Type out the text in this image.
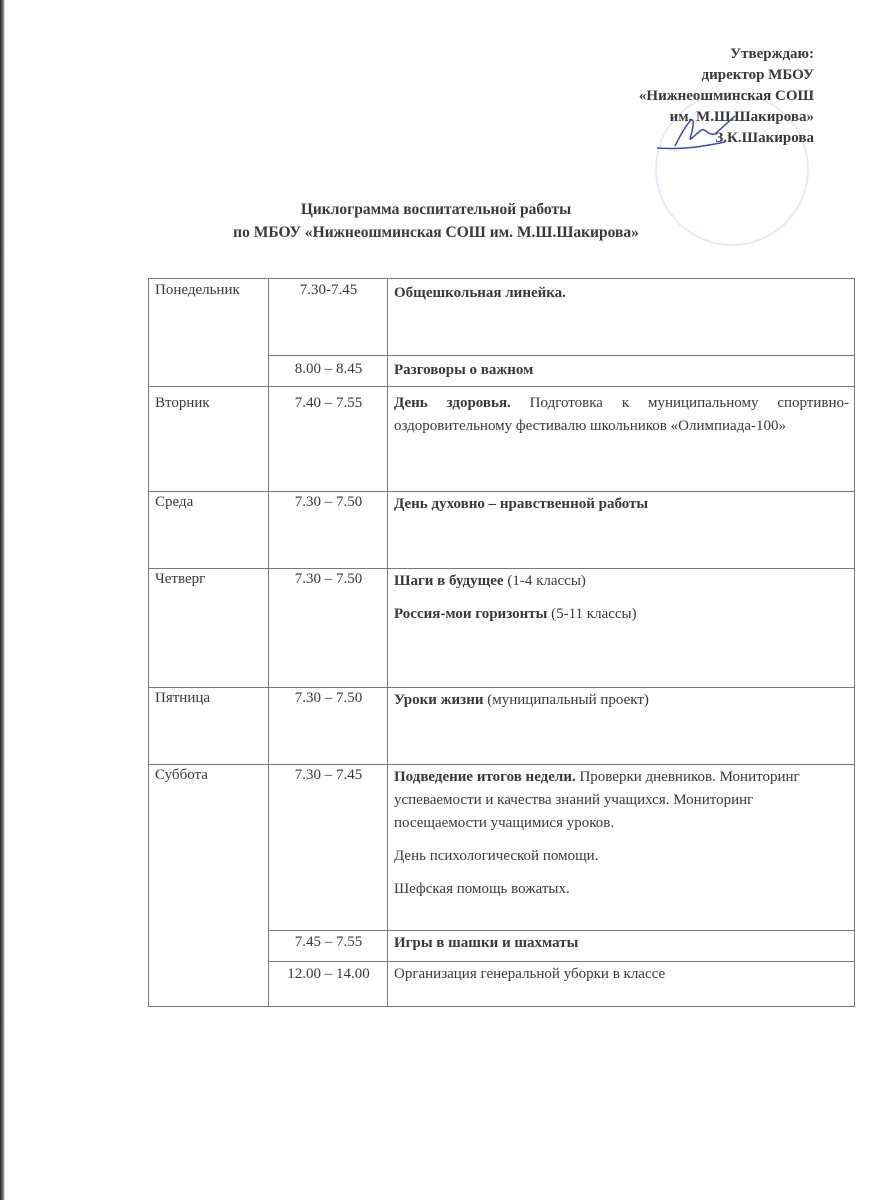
Утверждаю:
директор МБОУ
«Нижнеошминская СОШ
им. М.Ш.Шакирова»
З.К.Шакирова
Циклограмма воспитательной работы
по МБОУ «Нижнеошминская СОШ им. М.Ш.Шакирова»
Понедельник	7.30-7.45	Общешкольная линейка.
8.00 – 8.45	Разговоры о важном
Вторник	7.40 – 7.55	День здоровья. Подготовка к муниципальному спортивно-оздоровительному фестивалю школьников «Олимпиада-100»
Среда	7.30 – 7.50	День духовно – нравственной работы
Четверг	7.30 – 7.50	Шаги в будущее (1-4 классы)

Россия-мои горизонты (5-11 классы)

Пятница	7.30 – 7.50	Уроки жизни (муниципальный проект)
Суббота	7.30 – 7.45	Подведение итогов недели. Проверки дневников. Мониторинг успеваемости и качества знаний учащихся. Мониторинг посещаемости учащимися уроков.

День психологической помощи.

Шефская помощь вожатых.

7.45 – 7.55	Игры в шашки и шахматы
12.00 – 14.00	Организация генеральной уборки в классе
